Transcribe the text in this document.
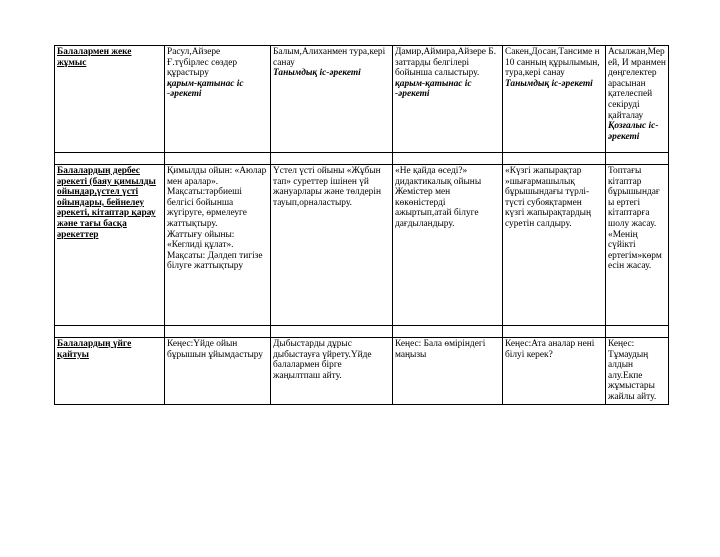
Балалармен жеке жұмыс	Расул,Айзере
Ғ.түбірлес сөздер құрастыру
қарым-қатынас іс -әрекеті	Балым,Алиханмен тура,кері санау
Танымдық іс-әрекеті	Дамир,Аймира,Айзере Б. заттарды белгілері бойынша салыстыру.
қарым-қатынас іс -әрекеті	Сакен,Досан,Тансиме н
10 санның құрылымын, тура,кері санау
Танымдық іс-әрекеті	Асылжан,Мерей, И мранмен дөңгелектер арасынан қателеспей секіруді қайталау
Қозғалыс іс-әрекеті

Балалардың дербес әрекеті (баяу қимылды ойындар,үстел үсті ойындары, бейнелеу әрекеті, кітаптар қарау және тағы басқа әрекеттер	Қимылды ойын: «Аюлар мен аралар». Мақсаты:тәрбиеші белгісі бойынша жүгіруге, өрмелеуге жаттықтыру.
Жаттығу ойыны: «Кеглиді құлат». Мақсаты: Дәлдеп тигізе білуге жаттықтыру	Үстел үсті ойыны «Жұбын тап» суреттер ішінен үй жануарлары және төлдерін тауып,орналастыру.	«Не қайда өседі?» дидактикалық ойыны Жемістер мен көкөністерді ажыртып,атай білуге дағдыландыру.	«Күзгі жапырақтар »шығармашылық бұрышындағы түрлі-түсті субояқтармен күзгі жапырақтардың суретін салдыру.	Топтағы кітаптар бұрышындағы ертегі кітаптарға шолу жасау.
«Менің сүйікті ертегім»көрмесін жасау.

Балалардың үйге қайтуы	Кеңес:Үйде ойын бұрышын ұйымдастыру	Дыбыстарды дұрыс дыбыстауға үйрету.Үйде балалармен бірге жаңылтпаш айту.	Кеңес: Бала өміріндегі маңызы	Кеңес:Ата аналар нені білуі керек?	Кеңес: Тұмаудың алдын алу.Екпе жұмыстары жайлы айту.
